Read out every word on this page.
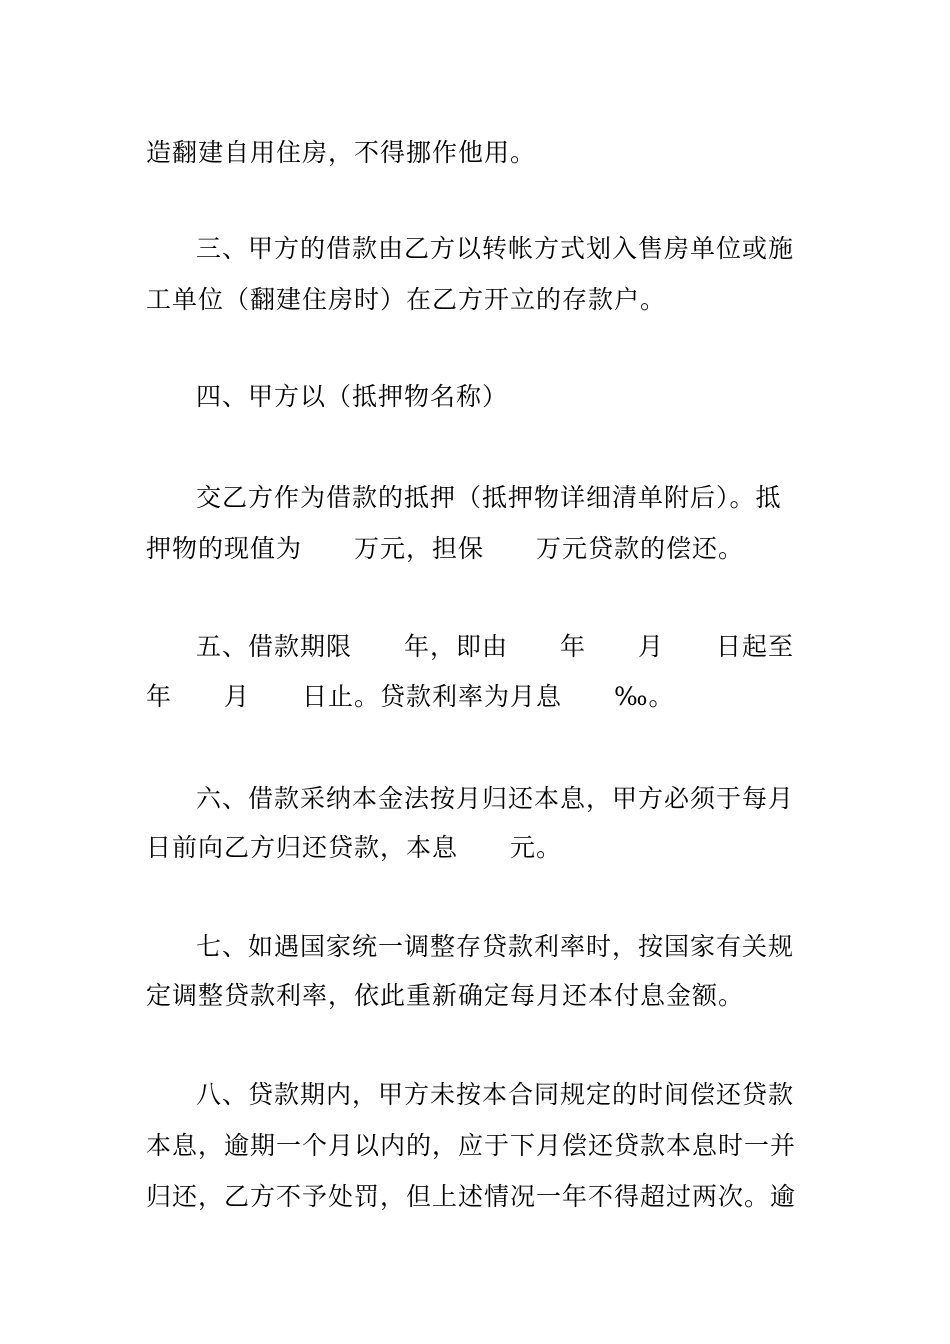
造翻建自用住房，不得挪作他用。
三、甲方的借款由乙方以转帐方式划入售房单位或施
工单位（翻建住房时）在乙方开立的存款户。
四、甲方以（抵押物名称）
交乙方作为借款的抵押（抵押物详细清单附后）。抵
押物的现值为　　万元，担保　　万元贷款的偿还。
五、借款期限　　年，即由　　年　　月　　日起至
年　　月　　日止。贷款利率为月息　　‰。
六、借款采纳本金法按月归还本息，甲方必须于每月
日前向乙方归还贷款，本息　　元。
七、如遇国家统一调整存贷款利率时，按国家有关规
定调整贷款利率，依此重新确定每月还本付息金额。
八、贷款期内，甲方未按本合同规定的时间偿还贷款
本息，逾期一个月以内的，应于下月偿还贷款本息时一并
归还，乙方不予处罚，但上述情况一年不得超过两次。逾
